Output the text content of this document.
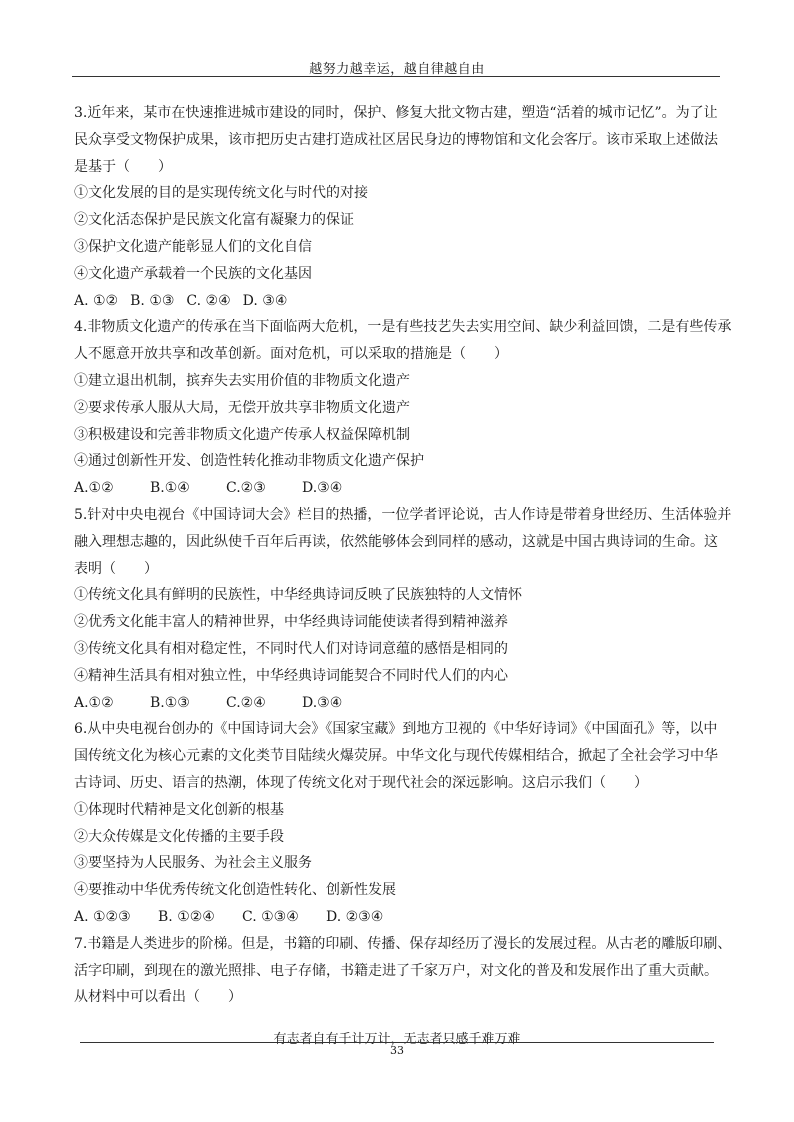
越努力越幸运，越自律越自由
3.近年来，某市在快速推进城市建设的同时，保护、修复大批文物古建，塑造“活着的城市记忆”。为了让
民众享受文物保护成果，该市把历史古建打造成社区居民身边的博物馆和文化会客厅。该市采取上述做法
是基于（　　）
①文化发展的目的是实现传统文化与时代的对接
②文化活态保护是民族文化富有凝聚力的保证
③保护文化遗产能彰显人们的文化自信
④文化遗产承载着一个民族的文化基因
A. ①② B. ①③ C. ②④ D. ③④
4.非物质文化遗产的传承在当下面临两大危机，一是有些技艺失去实用空间、缺少利益回馈，二是有些传承
人不愿意开放共享和改革创新。面对危机，可以采取的措施是（　　）
①建立退出机制，摈弃失去实用价值的非物质文化遗产
②要求传承人服从大局，无偿开放共享非物质文化遗产
③积极建设和完善非物质文化遗产传承人权益保障机制
④通过创新性开发、创造性转化推动非物质文化遗产保护
A.①②	B.①④	C.②③	D.③④
5.针对中央电视台《中国诗词大会》栏目的热播，一位学者评论说，古人作诗是带着身世经历、生活体验并
融入理想志趣的，因此纵使千百年后再读，依然能够体会到同样的感动，这就是中国古典诗词的生命。这
表明（　　）
①传统文化具有鲜明的民族性，中华经典诗词反映了民族独特的人文情怀
②优秀文化能丰富人的精神世界，中华经典诗词能使读者得到精神滋养
③传统文化具有相对稳定性，不同时代人们对诗词意蕴的感悟是相同的
④精神生活具有相对独立性，中华经典诗词能契合不同时代人们的内心
A.①②	B.①③	C.②④	D.③④
6.从中央电视台创办的《中国诗词大会》《国家宝藏》到地方卫视的《中华好诗词》《中国面孔》等，以中
国传统文化为核心元素的文化类节目陆续火爆荧屏。中华文化与现代传媒相结合，掀起了全社会学习中华
古诗词、历史、语言的热潮，体现了传统文化对于现代社会的深远影响。这启示我们（　　）
①体现时代精神是文化创新的根基
②大众传媒是文化传播的主要手段
③要坚持为人民服务、为社会主义服务
④要推动中华优秀传统文化创造性转化、创新性发展
A. ①②③	B. ①②④	C. ①③④	D. ②③④
7.书籍是人类进步的阶梯。但是，书籍的印刷、传播、保存却经历了漫长的发展过程。从古老的雕版印刷、
活字印刷，到现在的激光照排、电子存储，书籍走进了千家万户，对文化的普及和发展作出了重大贡献。
从材料中可以看出（　　）
有志者自有千计万计，无志者只感千难万难
33
